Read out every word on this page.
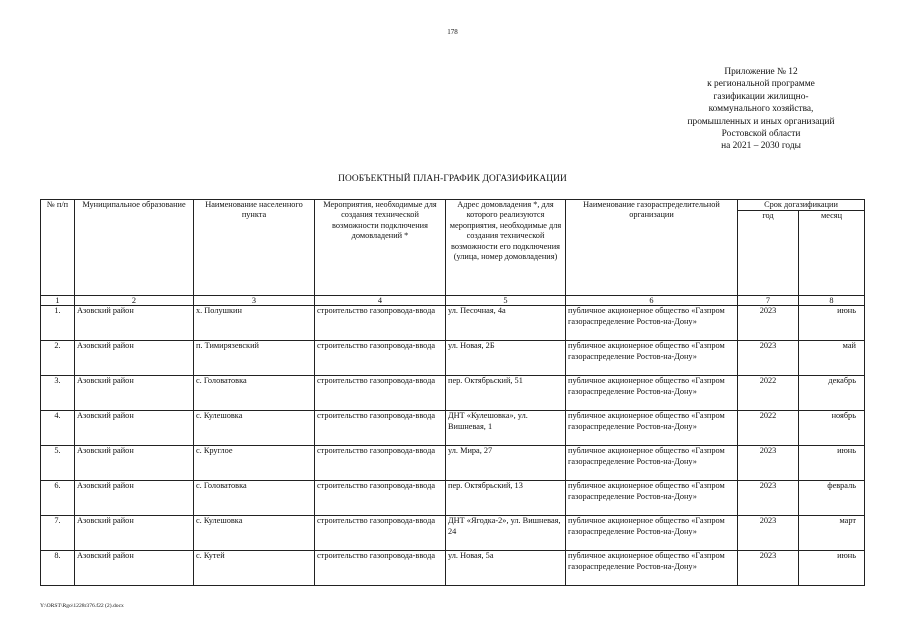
178
Приложение № 12
к региональной программе
газификации жилищно-
коммунального хозяйства,
промышленных и иных организаций
Ростовской области
на 2021 – 2030 годы
ПООБЪЕКТНЫЙ ПЛАН-ГРАФИК ДОГАЗИФИКАЦИИ
№ п/п	Муниципальное образование	Наименование населенного пункта	Мероприятия, необходимые для создания технической возможности подключения домовладений *	Адрес домовладения *, для которого реализуются мероприятия, необходимые для создания технической возможности его подключения (улица, номер домовладения)	Наименование газораспределительной организации	Срок догазификации	
						год	месяц
1	2	3	4	5	6	7	8
1.	Азовский район	х. Полушкин	строительство газопровода-ввода	ул. Песочная, 4а	публичное акционерное общество «Газпром газораспределение Ростов-на-Дону»	2023	июнь
2.	Азовский район	п. Тимирязевский	строительство газопровода-ввода	ул. Новая, 2Б	публичное акционерное общество «Газпром газораспределение Ростов-на-Дону»	2023	май
3.	Азовский район	с. Головатовка	строительство газопровода-ввода	пер. Октябрьский, 51	публичное акционерное общество «Газпром газораспределение Ростов-на-Дону»	2022	декабрь
4.	Азовский район	с. Кулешовка	строительство газопровода-ввода	ДНТ «Кулешовка», ул. Вишневая, 1	публичное акционерное общество «Газпром газораспределение Ростов-на-Дону»	2022	ноябрь
5.	Азовский район	с. Круглое	строительство газопровода-ввода	ул. Мира, 27	публичное акционерное общество «Газпром газораспределение Ростов-на-Дону»	2023	июнь
6.	Азовский район	с. Головатовка	строительство газопровода-ввода	пер. Октябрьский, 13	публичное акционерное общество «Газпром газораспределение Ростов-на-Дону»	2023	февраль
7.	Азовский район	с. Кулешовка	строительство газопровода-ввода	ДНТ «Ягодка-2», ул. Вишневая, 24	публичное акционерное общество «Газпром газораспределение Ростов-на-Дону»	2023	март
8.	Азовский район	с. Кутей	строительство газопровода-ввода	ул. Новая, 5а	публичное акционерное общество «Газпром газораспределение Ростов-на-Дону»	2023	июнь
Y:\ORST\Rgo\1228r376.f22 (2).docx
